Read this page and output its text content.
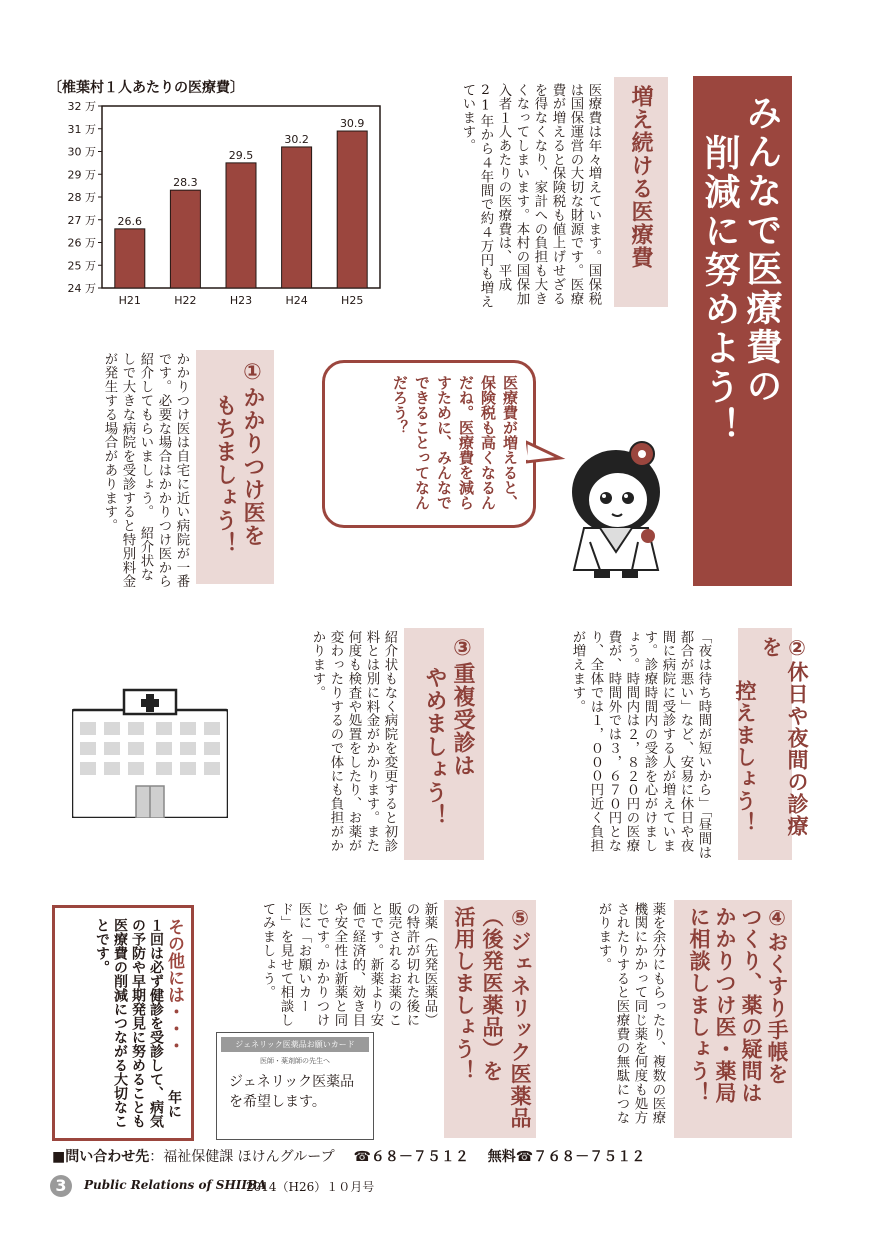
みんなで医療費の
削減に努めよう！
増え続ける医療費
医療費は年々増えています。国保税は国保運営の大切な財源です。医療費が増えると保険税も値上げせざるを得なくなり、家計への負担も大きくなってしまいます。本村の国保加入者１人あたりの医療費は、平成21年から４年間で約４万円も増えています。
〔椎葉村１人あたりの医療費〕
24 万
25 万
26 万
27 万
28 万
29 万
30 万
31 万
32 万
26.6
H21
28.3
H22
29.5
H23
30.2
H24
30.9
H25
医療費が増えると、保険税も高くなるんだね。医療費を減らすために、みんなでできることってなんだろう？
①かかりつけ医を
もちましょう！
かかりつけ医は自宅に近い病院が一番です。必要な場合はかかりつけ医から紹介してもらいましょう。　紹介状なしで大きな病院を受診すると特別料金が発生する場合があります。
②休日や夜間の診療を
控えましょう！
「夜は待ち時間が短いから」「昼間は都合が悪い」など、安易に休日や夜間に病院に受診する人が増えています。診療時間内の受診を心がけましょう。時間内は２，８２０円の医療費が、時間外では３，６７０円となり、全体では１，０００円近く負担が増えます。
③重複受診は
やめましょう！
紹介状もなく病院を変更すると初診料とは別に料金がかかります。また何度も検査や処置をしたり、お薬が変わったりするので体にも負担がかかります。
④おくすり手帳を
つくり、薬の疑問は
かかりつけ医・薬局
に相談しましょう！
薬を余分にもらったり、複数の医療機関にかかって同じ薬を何度も処方されたりすると医療費の無駄につながります。
⑤ジェネリック医薬品
（後発医薬品）を
活用しましょう！
新薬（先発医薬品）の特許が切れた後に販売されるお薬のことです。新薬より安価で経済的、効き目や安全性は新薬と同じです。かかりつけ医に「お願いカード」を見せて相談してみましょう。
ジェネリック医薬品お願いカード
医師・薬剤師の先生へ
ジェネリック医薬品を希望します。
その他には・・・ 年に１回は必ず健診を受診して、病気の予防や早期発見に努めることも医療費の削減につながる大切なことです。
■問い合わせ先：福祉保健課 ほけんグループ ☎６８－７５１２ 無料☎７６８－７５１２
3	Public Relations of SHIIBA
2014（H26）１０月号
